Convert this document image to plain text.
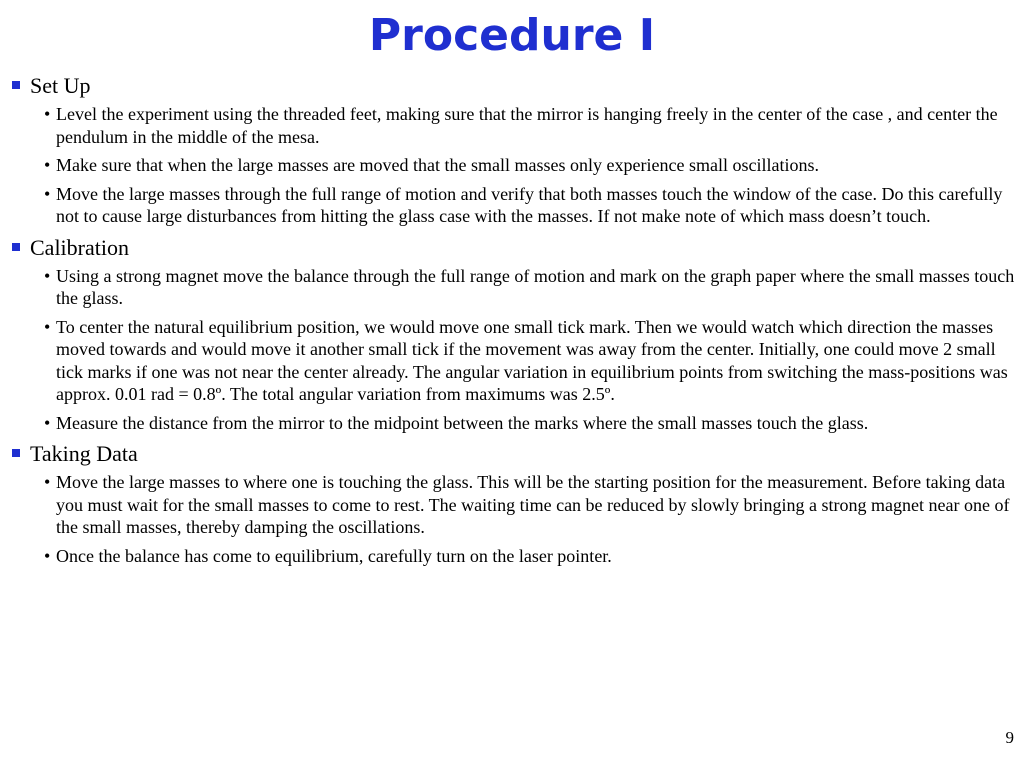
Procedure I
Set Up
• Level the experiment using the threaded feet, making sure that the mirror is hanging freely in the center of the case , and center the pendulum in the middle of the mesa.
• Make sure that when the large masses are moved that the small masses only experience small oscillations.
• Move the large masses through the full range of motion and verify that both masses touch the window of the case. Do this carefully not to cause large disturbances from hitting the glass case with the masses. If not make note of which mass doesn’t touch.
Calibration
• Using a strong magnet move the balance through the full range of motion and mark on the graph paper where the small masses touch the glass.
• To center the natural equilibrium position, we would move one small tick mark. Then we would watch which direction the masses moved towards and would move it another small tick if the movement was away from the center. Initially, one could move 2 small tick marks if one was not near the center already. The angular variation in equilibrium points from switching the mass-positions was approx. 0.01 rad = 0.8º. The total angular variation from maximums was 2.5º.
• Measure the distance from the mirror to the midpoint between the marks where the small masses touch the glass.
Taking Data
• Move the large masses to where one is touching the glass. This will be the starting position for the measurement. Before taking data you must wait for the small masses to come to rest. The waiting time can be reduced by slowly bringing a strong magnet near one of the small masses, thereby damping the oscillations.
• Once the balance has come to equilibrium, carefully turn on the laser pointer.
9
